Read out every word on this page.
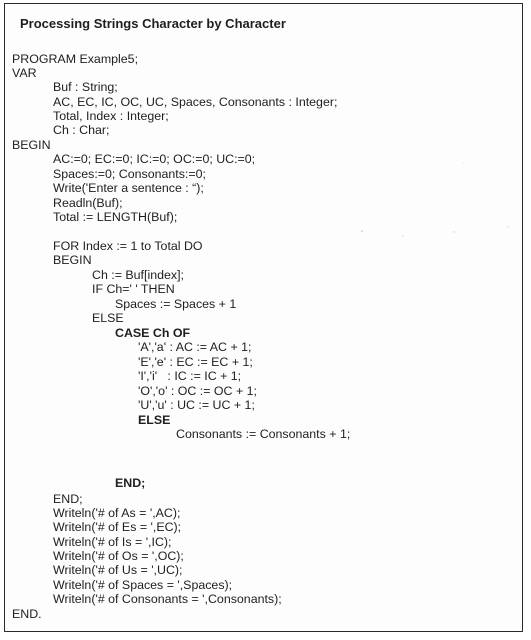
Processing Strings Character by Character
PROGRAM Example5;
VAR
Buf : String;
AC, EC, IC, OC, UC, Spaces, Consonants : Integer;
Total, Index : Integer;
Ch : Char;
BEGIN
AC:=0; EC:=0; IC:=0; OC:=0; UC:=0;
Spaces:=0; Consonants:=0;
Write('Enter a sentence : “);
Readln(Buf);
Total := LENGTH(Buf);
FOR Index := 1 to Total DO
BEGIN
Ch := Buf[index];
IF Ch=' ' THEN
Spaces := Spaces + 1
ELSE
CASE Ch OF
'A','a' : AC := AC + 1;
'E','e' : EC := EC + 1;
'I','i'   : IC := IC + 1;
'O','o' : OC := OC + 1;
'U','u' : UC := UC + 1;
ELSE
Consonants := Consonants + 1;
END;
END;
Writeln('# of As = ',AC);
Writeln('# of Es = ',EC);
Writeln('# of Is = ',IC);
Writeln('# of Os = ',OC);
Writeln('# of Us = ',UC);
Writeln('# of Spaces = ',Spaces);
Writeln('# of Consonants = ',Consonants);
END.
